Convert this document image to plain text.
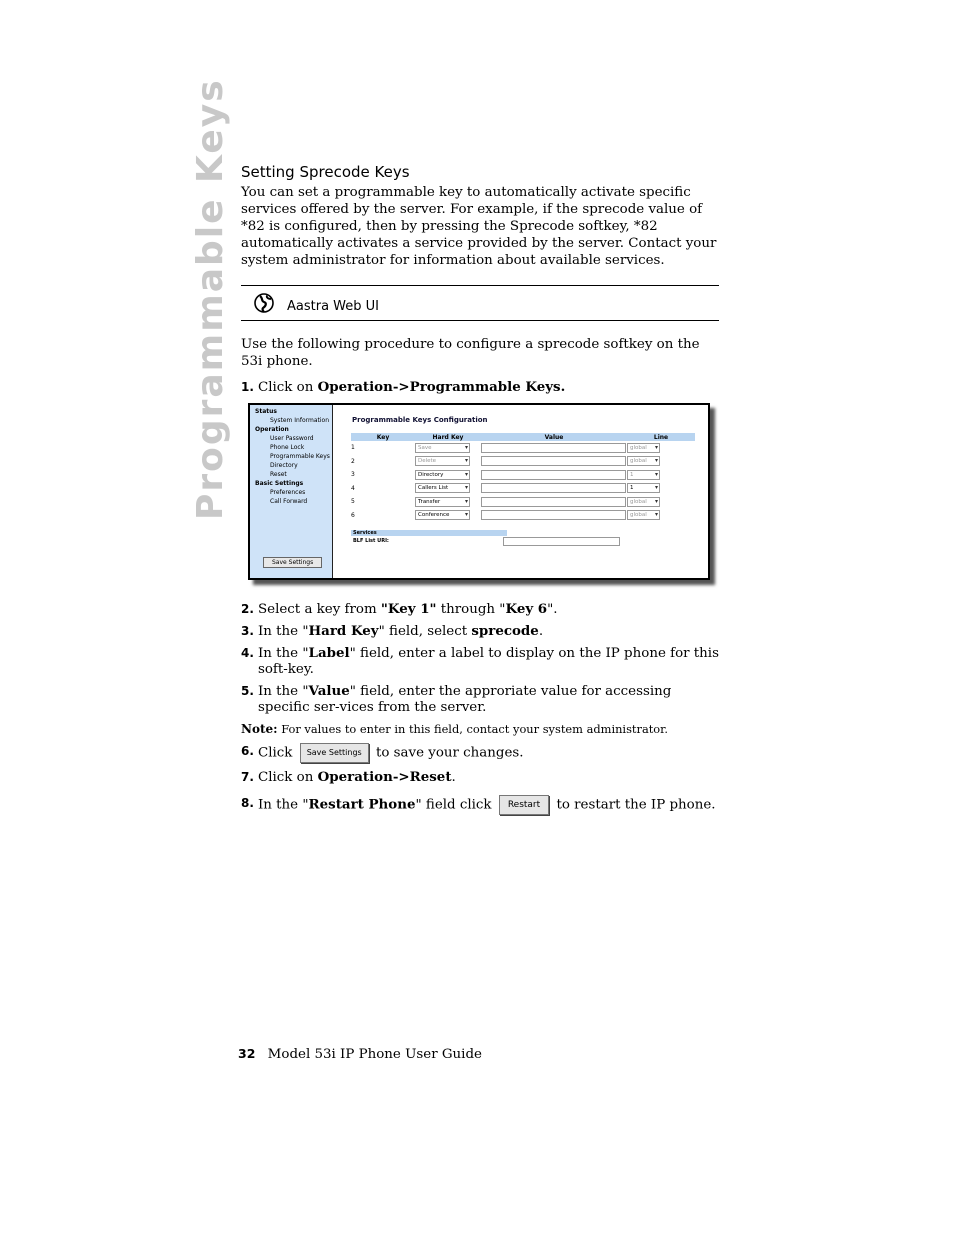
Programmable Keys Setting Sprecode Keys

You can set a programmable key to automatically activate specific services offered by the server. For example, if the sprecode value of *82 is configured, then by pressing the Sprecode softkey, *82 automatically activates a service provided by the server. Contact your system administrator for information about available services.

Aastra Web UI

Use the following procedure to configure a sprecode softkey on the 53i phone.

1. Click on Operation->Programmable Keys.
Status
System Information
Operation
User Password
Phone Lock
Programmable Keys
Directory
Reset
Basic Settings
Preferences
Call Forward
Programmable Keys Configuration
Key	Hard Key	Value	Line
1	Save ▾		global ▾

2	Delete ▾		global ▾

3	Directory ▾		1 ▾

4	Callers List ▾		1 ▾

5	Transfer ▾		global ▾

6	Conference ▾		global ▾
Services
BLF List URI:
Save Settings
2. Select a key from "Key 1" through "Key 6".
3. In the "Hard Key" field, select sprecode.
4. In the "Label" field, enter a label to display on the IP phone for this soft-key.
5. In the "Value" field, enter the approriate value for accessing specific ser-vices from the server.
Note: For values to enter in this field, contact your system administrator.
6. Click Save Settings to save your changes.
7. Click on Operation->Reset.
8. In the "Restart Phone" field click Restart to restart the IP phone.
32 Model 53i IP Phone User Guide
